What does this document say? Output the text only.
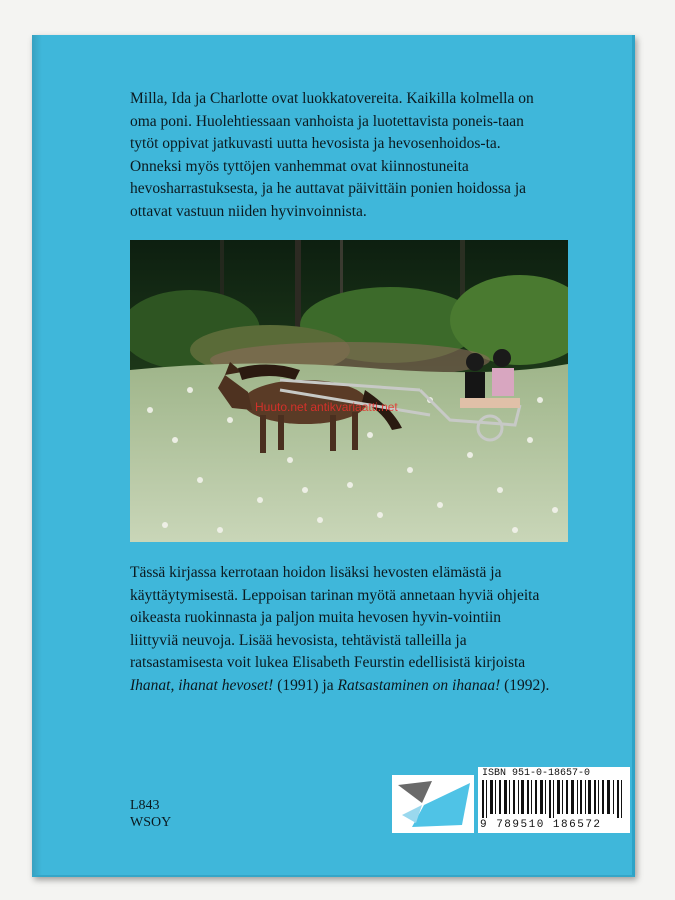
Milla, Ida ja Charlotte ovat luokkatovereita. Kaikilla kolmella on oma poni. Huolehtiessaan vanhoista ja luotettavista poneis-taan tytöt oppivat jatkuvasti uutta hevosista ja hevosenhoidos-ta. Onneksi myös tyttöjen vanhemmat ovat kiinnostuneita hevosharrastuksesta, ja he auttavat päivittäin ponien hoidossa ja ottavat vastuun niiden hyvinvoinnista.

Huuto.net antikvariaatti.net

Tässä kirjassa kerrotaan hoidon lisäksi hevosten elämästä ja käyttäytymisestä. Leppoisan tarinan myötä annetaan hyviä ohjeita oikeasta ruokinnasta ja paljon muita hevosen hyvin-vointiin liittyviä neuvoja. Lisää hevosista, tehtävistä talleilla ja ratsastamisesta voit lukea Elisabeth Feurstin edellisistä kirjoista Ihanat, ihanat hevoset! (1991) ja Ratsastaminen on ihanaa! (1992).

L843
WSOY
ISBN 951-0-18657-0
9 789510 186572
